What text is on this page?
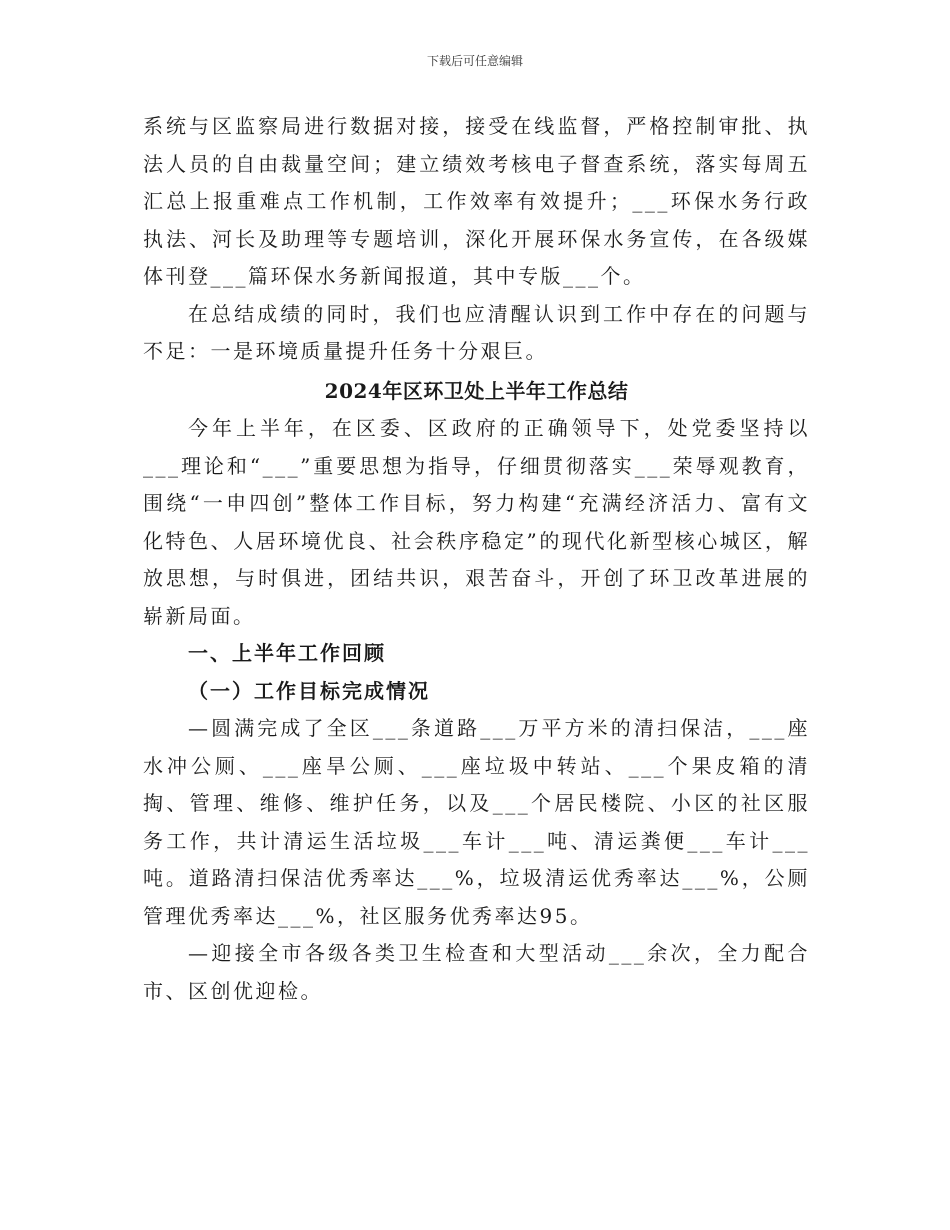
下载后可任意编辑

系统与区监察局进行数据对接，接受在线监督，严格控制审批、执法人员的自由裁量空间；建立绩效考核电子督查系统，落实每周五汇总上报重难点工作机制，工作效率有效提升；___环保水务行政执法、河长及助理等专题培训，深化开展环保水务宣传，在各级媒体刊登___篇环保水务新闻报道，其中专版___个。

在总结成绩的同时，我们也应清醒认识到工作中存在的问题与不足：一是环境质量提升任务十分艰巨。

2024年区环卫处上半年工作总结

今年上半年，在区委、区政府的正确领导下，处党委坚持以___理论和“___”重要思想为指导，仔细贯彻落实___荣辱观教育，围绕“一申四创”整体工作目标，努力构建“充满经济活力、富有文化特色、人居环境优良、社会秩序稳定”的现代化新型核心城区，解放思想，与时俱进，团结共识，艰苦奋斗，开创了环卫改革进展的崭新局面。

一、上半年工作回顾
（一）工作目标完成情况

—圆满完成了全区___条道路___万平方米的清扫保洁，___座水冲公厕、___座旱公厕、___座垃圾中转站、___个果皮箱的清掏、管理、维修、维护任务，以及___个居民楼院、小区的社区服务工作，共计清运生活垃圾___车计___吨、清运粪便___车计___吨。道路清扫保洁优秀率达___%，垃圾清运优秀率达___%，公厕管理优秀率达___%，社区服务优秀率达95。

—迎接全市各级各类卫生检查和大型活动___余次，全力配合市、区创优迎检。
